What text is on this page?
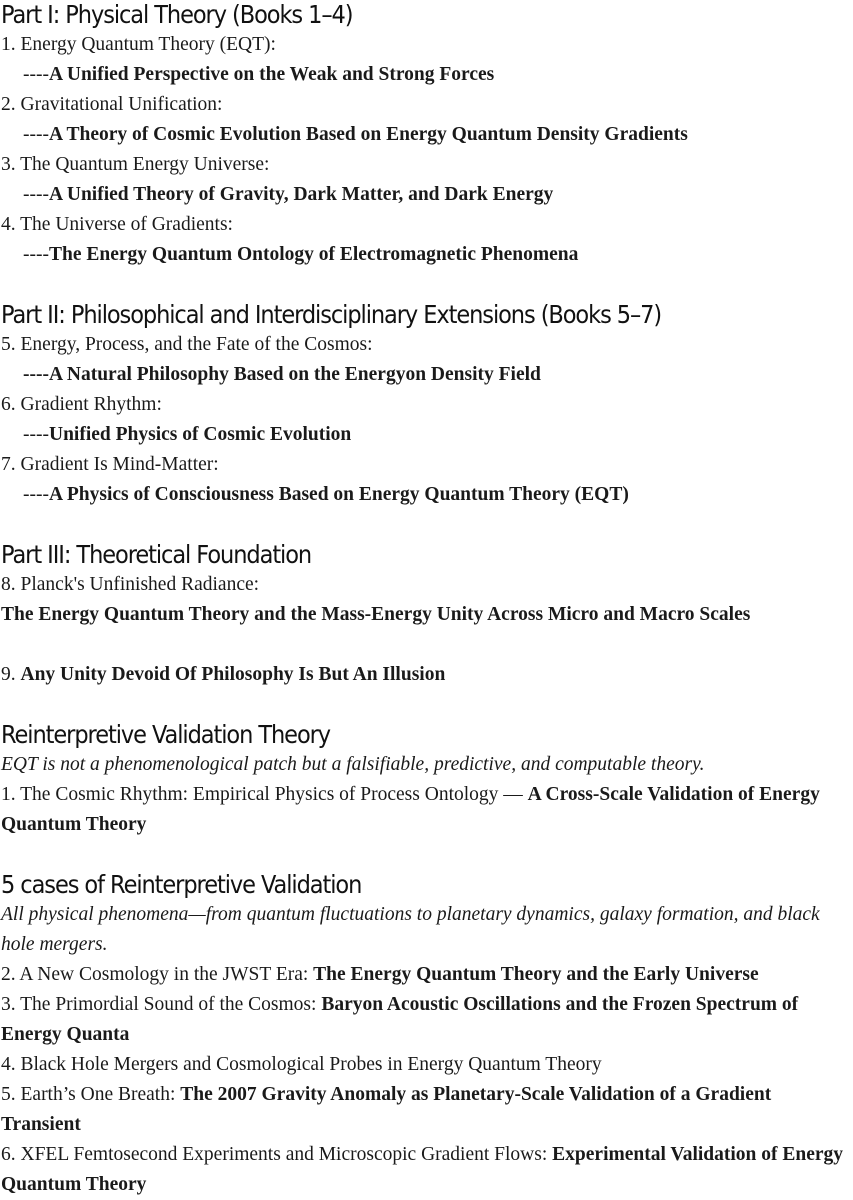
Part I: Physical Theory (Books 1–4)

1. Energy Quantum Theory (EQT):

----A Unified Perspective on the Weak and Strong Forces

2. Gravitational Unification:

----A Theory of Cosmic Evolution Based on Energy Quantum Density Gradients

3. The Quantum Energy Universe:

----A Unified Theory of Gravity, Dark Matter, and Dark Energy

4. The Universe of Gradients:

----The Energy Quantum Ontology of Electromagnetic Phenomena

Part II: Philosophical and Interdisciplinary Extensions (Books 5–7)

5. Energy, Process, and the Fate of the Cosmos:

----A Natural Philosophy Based on the Energyon Density Field

6. Gradient Rhythm:

----Unified Physics of Cosmic Evolution

7. Gradient Is Mind-Matter:

----A Physics of Consciousness Based on Energy Quantum Theory (EQT)

Part III: Theoretical Foundation

8. Planck's Unfinished Radiance:

The Energy Quantum Theory and the Mass-Energy Unity Across Micro and Macro Scales

9. Any Unity Devoid Of Philosophy Is But An Illusion

Reinterpretive Validation Theory

EQT is not a phenomenological patch but a falsifiable, predictive, and computable theory.

1. The Cosmic Rhythm: Empirical Physics of Process Ontology — A Cross-Scale Validation of Energy Quantum Theory

5 cases of Reinterpretive Validation

All physical phenomena—from quantum fluctuations to planetary dynamics, galaxy formation, and black hole mergers.

2. A New Cosmology in the JWST Era: The Energy Quantum Theory and the Early Universe

3. The Primordial Sound of the Cosmos: Baryon Acoustic Oscillations and the Frozen Spectrum of Energy Quanta

4. Black Hole Mergers and Cosmological Probes in Energy Quantum Theory

5. Earth’s One Breath: The 2007 Gravity Anomaly as Planetary-Scale Validation of a Gradient Transient

6. XFEL Femtosecond Experiments and Microscopic Gradient Flows: Experimental Validation of Energy Quantum Theory
